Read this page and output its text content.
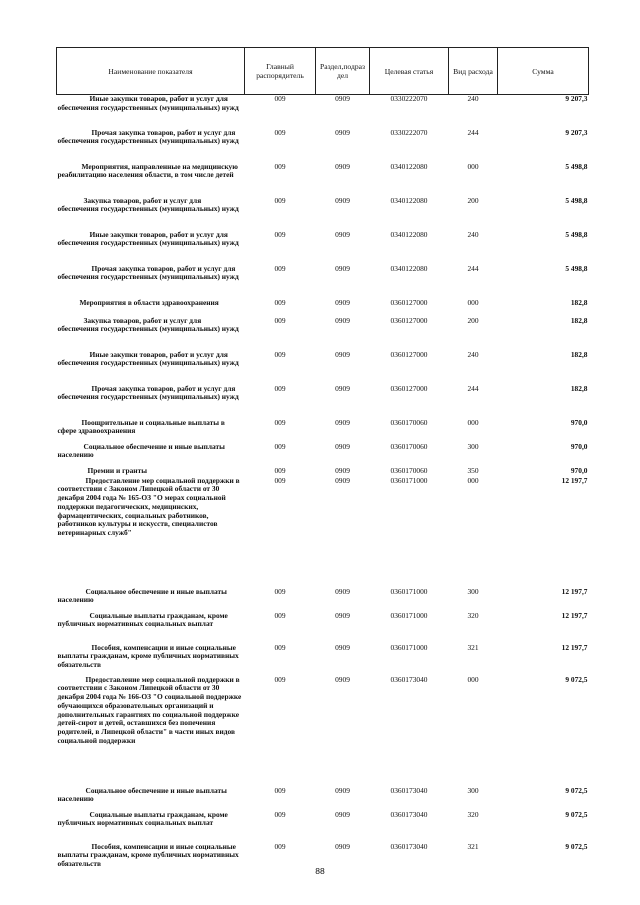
Наименование показателя	Главный распорядитель	Раздел,подраз дел	Целевая статья	Вид расхода	Сумма

Иные закупки товаров, работ и услуг для обеспечения государственных (муниципальных) нужд	009	0909	0330222070	240	9 207,3

Прочая закупка товаров, работ и услуг для обеспечения государственных (муниципальных) нужд	009	0909	0330222070	244	9 207,3

Мероприятия, направленные на медицинскую реабилитацию населения области, в том числе детей	009	0909	0340122080	000	5 498,8

Закупка товаров, работ и услуг для обеспечения государственных (муниципальных) нужд	009	0909	0340122080	200	5 498,8

Иные закупки товаров, работ и услуг для обеспечения государственных (муниципальных) нужд	009	0909	0340122080	240	5 498,8

Прочая закупка товаров, работ и услуг для обеспечения государственных (муниципальных) нужд	009	0909	0340122080	244	5 498,8

Мероприятия в области здравоохранения	009	0909	0360127000	000	182,8

Закупка товаров, работ и услуг для обеспечения государственных (муниципальных) нужд	009	0909	0360127000	200	182,8

Иные закупки товаров, работ и услуг для обеспечения государственных (муниципальных) нужд	009	0909	0360127000	240	182,8

Прочая закупка товаров, работ и услуг для обеспечения государственных (муниципальных) нужд	009	0909	0360127000	244	182,8

Поощрительные и социальные выплаты в сфере здравоохранения	009	0909	0360170060	000	970,0

Социальное обеспечение и иные выплаты населению	009	0909	0360170060	300	970,0

Премии и гранты	009	0909	0360170060	350	970,0

Предоставление мер социальной поддержки в соответствии с Законом Липецкой области от 30 декабря 2004 года № 165-ОЗ "О мерах социальной поддержки педагогических, медицинских, фармацевтических, социальных работников, работников культуры и искусств, специалистов ветеринарных служб"	009	0909	0360171000	000	12 197,7

Социальное обеспечение и иные выплаты населению	009	0909	0360171000	300	12 197,7

Социальные выплаты гражданам, кроме публичных нормативных социальных выплат	009	0909	0360171000	320	12 197,7

Пособия, компенсации и иные социальные выплаты гражданам, кроме публичных нормативных обязательств	009	0909	0360171000	321	12 197,7

Предоставление мер социальной поддержки в соответствии с Законом Липецкой области от 30 декабря 2004 года № 166-ОЗ "О социальной поддержке обучающихся образовательных организаций и дополнительных гарантиях по социальной поддержке детей-сирот и детей, оставшихся без попечения родителей, в Липецкой области" в части иных видов социальной поддержки	009	0909	0360173040	000	9 072,5

Социальное обеспечение и иные выплаты населению	009	0909	0360173040	300	9 072,5

Социальные выплаты гражданам, кроме публичных нормативных социальных выплат	009	0909	0360173040	320	9 072,5

Пособия, компенсации и иные социальные выплаты гражданам, кроме публичных нормативных обязательств	009	0909	0360173040	321	9 072,5
88
